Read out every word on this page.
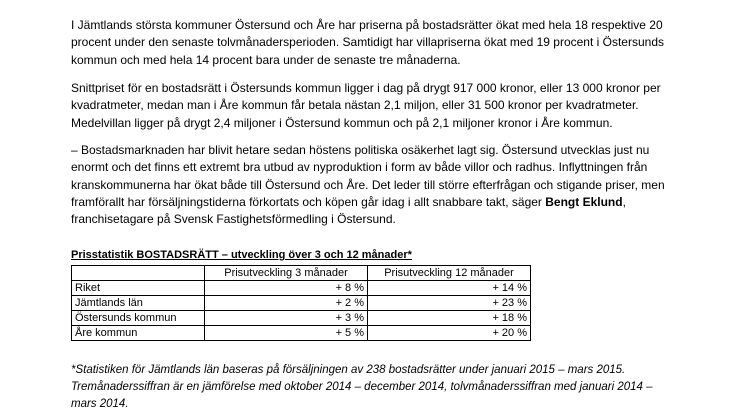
I Jämtlands största kommuner Östersund och Åre har priserna på bostadsrätter ökat med hela 18 respektive 20
procent under den senaste tolvmånadersperioden. Samtidigt har villapriserna ökat med 19 procent i Östersunds
kommun och med hela 14 procent bara under de senaste tre månaderna.

Snittpriset för en bostadsrätt i Östersunds kommun ligger i dag på drygt 917 000 kronor, eller 13 000 kronor per
kvadratmeter, medan man i Åre kommun får betala nästan 2,1 miljon, eller 31 500 kronor per kvadratmeter.
Medelvillan ligger på drygt 2,4 miljoner i Östersund kommun och på 2,1 miljoner kronor i Åre kommun.

– Bostadsmarknaden har blivit hetare sedan höstens politiska osäkerhet lagt sig. Östersund utvecklas just nu
enormt och det finns ett extremt bra utbud av nyproduktion i form av både villor och radhus. Inflyttningen från
kranskommunerna har ökat både till Östersund och Åre. Det leder till större efterfrågan och stigande priser, men
framförallt har försäljningstiderna förkortats och köpen går idag i allt snabbare takt, säger Bengt Eklund,
franchisetagare på Svensk Fastighetsförmedling i Östersund.

Prisstatistik BOSTADSRÄTT – utveckling över 3 och 12 månader*
	Prisutveckling 3 månader	Prisutveckling 12 månader
Riket	+ 8 %	+ 14 %
Jämtlands län	+ 2 %	+ 23 %
Östersunds kommun	+ 3 %	+ 18 %
Åre kommun	+ 5 %	+ 20 %

*Statistiken för Jämtlands län baseras på försäljningen av 238 bostadsrätter under januari 2015 – mars 2015.
Tremånaderssiffran är en jämförelse med oktober 2014 – december 2014, tolvmånaderssiffran med januari 2014 –
mars 2014.
